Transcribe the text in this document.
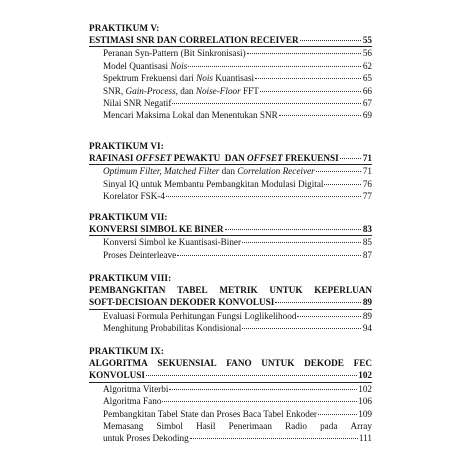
PRAKTIKUM V:
ESTIMASI SNR DAN CORRELATION RECEIVER	55
Peranan Syn-Pattern (Bit Sinkronisasi)	56
Model Quantisasi Nois	62
Spektrum Frekuensi dari Nois Kuantisasi	65
SNR, Gain-Process, dan Noise-Floor FFT	66
Nilai SNR Negatif	67
Mencari Maksima Lokal dan Menentukan SNR	69
PRAKTIKUM VI:
RAFINASI OFFSET PEWAKTU  DAN OFFSET FREKUENSI	71
Optimum Filter, Matched Filter dan Correlation Receiver	71
Sinyal IQ untuk Membantu Pembangkitan Modulasi Digital	76
Korelator FSK-4	77
PRAKTIKUM VII:
KONVERSI SIMBOL KE BINER	83
Konversi Simbol ke Kuantisasi-Biner	85
Proses Deinterleave	87
PRAKTIKUM VIII:
PEMBANGKITAN TABEL METRIK UNTUK KEPERLUAN
SOFT-DECISIOAN DEKODER KONVOLUSI	89
Evaluasi Formula Perhitungan Fungsi Loglikelihood	89
Menghitung Probabilitas Kondisional	94
PRAKTIKUM IX:
ALGORITMA SEKUENSIAL FANO UNTUK DEKODE FEC
KONVOLUSI	102
Algoritma Viterbi	102
Algoritma Fano	106
Pembangkitan Tabel State dan Proses Baca Tabel Enkoder	109
Memasang Simbol Hasil Penerimaan Radio pada Array
untuk Proses Dekoding	111
